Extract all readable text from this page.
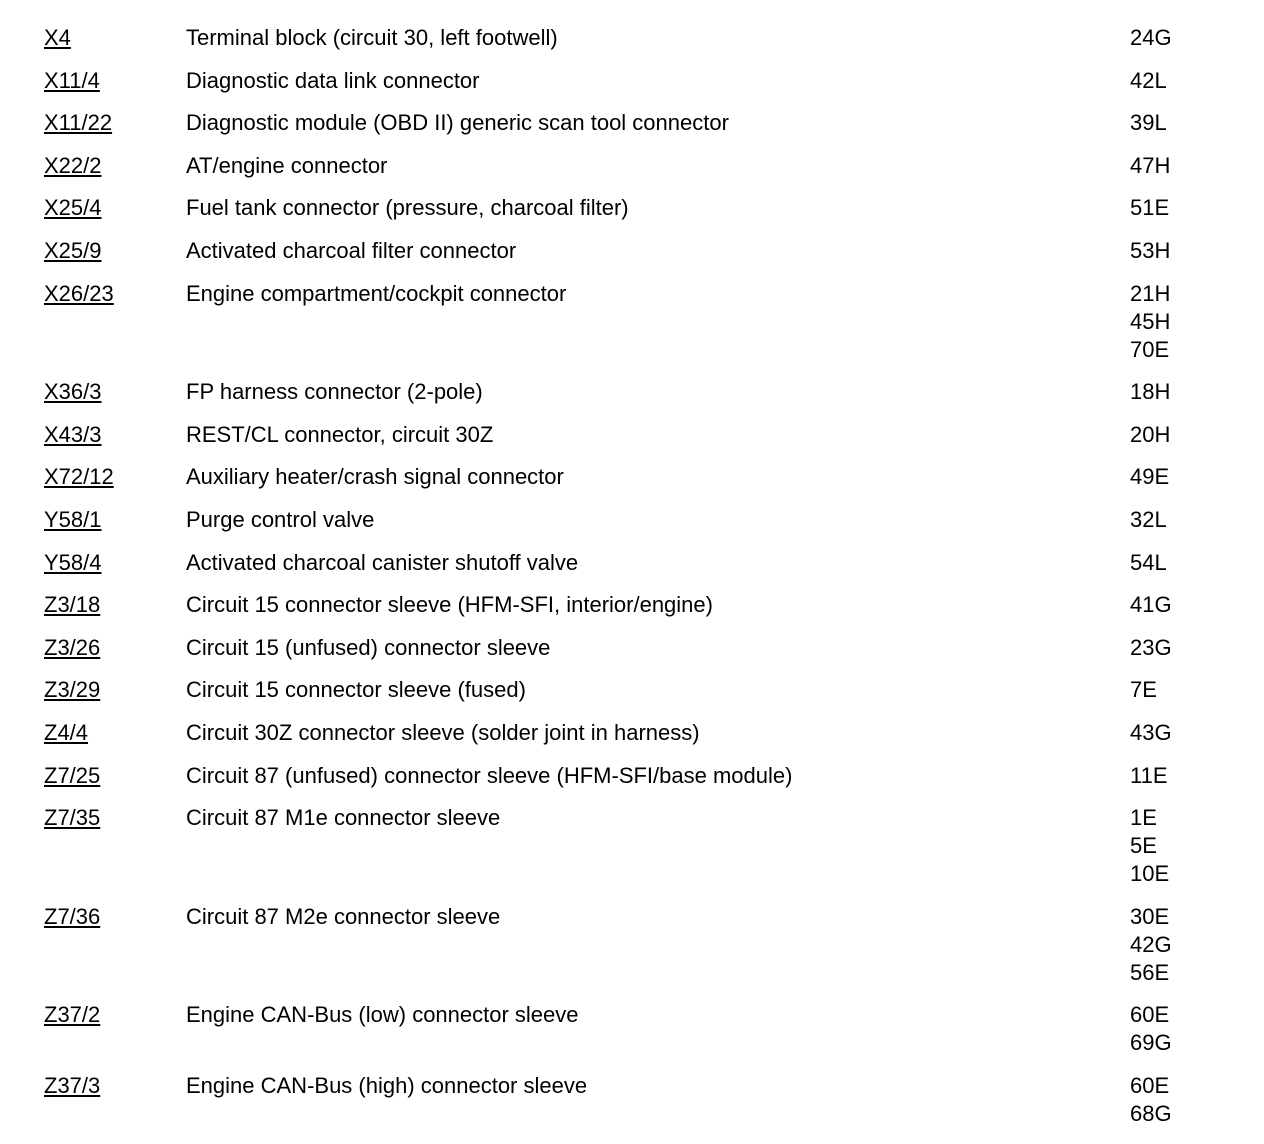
X4	Terminal block (circuit 30, left footwell)	24G
X11/4	Diagnostic data link connector	42L
X11/22	Diagnostic module (OBD II) generic scan tool connector	39L
X22/2	AT/engine connector	47H
X25/4	Fuel tank connector (pressure, charcoal filter)	51E
X25/9	Activated charcoal filter connector	53H
X26/23	Engine compartment/cockpit connector	21H
45H
70E
X36/3	FP harness connector (2-pole)	18H
X43/3	REST/CL connector, circuit 30Z	20H
X72/12	Auxiliary heater/crash signal connector	49E
Y58/1	Purge control valve	32L
Y58/4	Activated charcoal canister shutoff valve	54L
Z3/18	Circuit 15 connector sleeve (HFM-SFI, interior/engine)	41G
Z3/26	Circuit 15 (unfused) connector sleeve	23G
Z3/29	Circuit 15 connector sleeve (fused)	7E
Z4/4	Circuit 30Z connector sleeve (solder joint in harness)	43G
Z7/25	Circuit 87 (unfused) connector sleeve (HFM-SFI/base module)	11E
Z7/35	Circuit 87 M1e connector sleeve	1E
5E
10E
Z7/36	Circuit 87 M2e connector sleeve	30E
42G
56E
Z37/2	Engine CAN-Bus (low) connector sleeve	60E
69G
Z37/3	Engine CAN-Bus (high) connector sleeve	60E
68G
